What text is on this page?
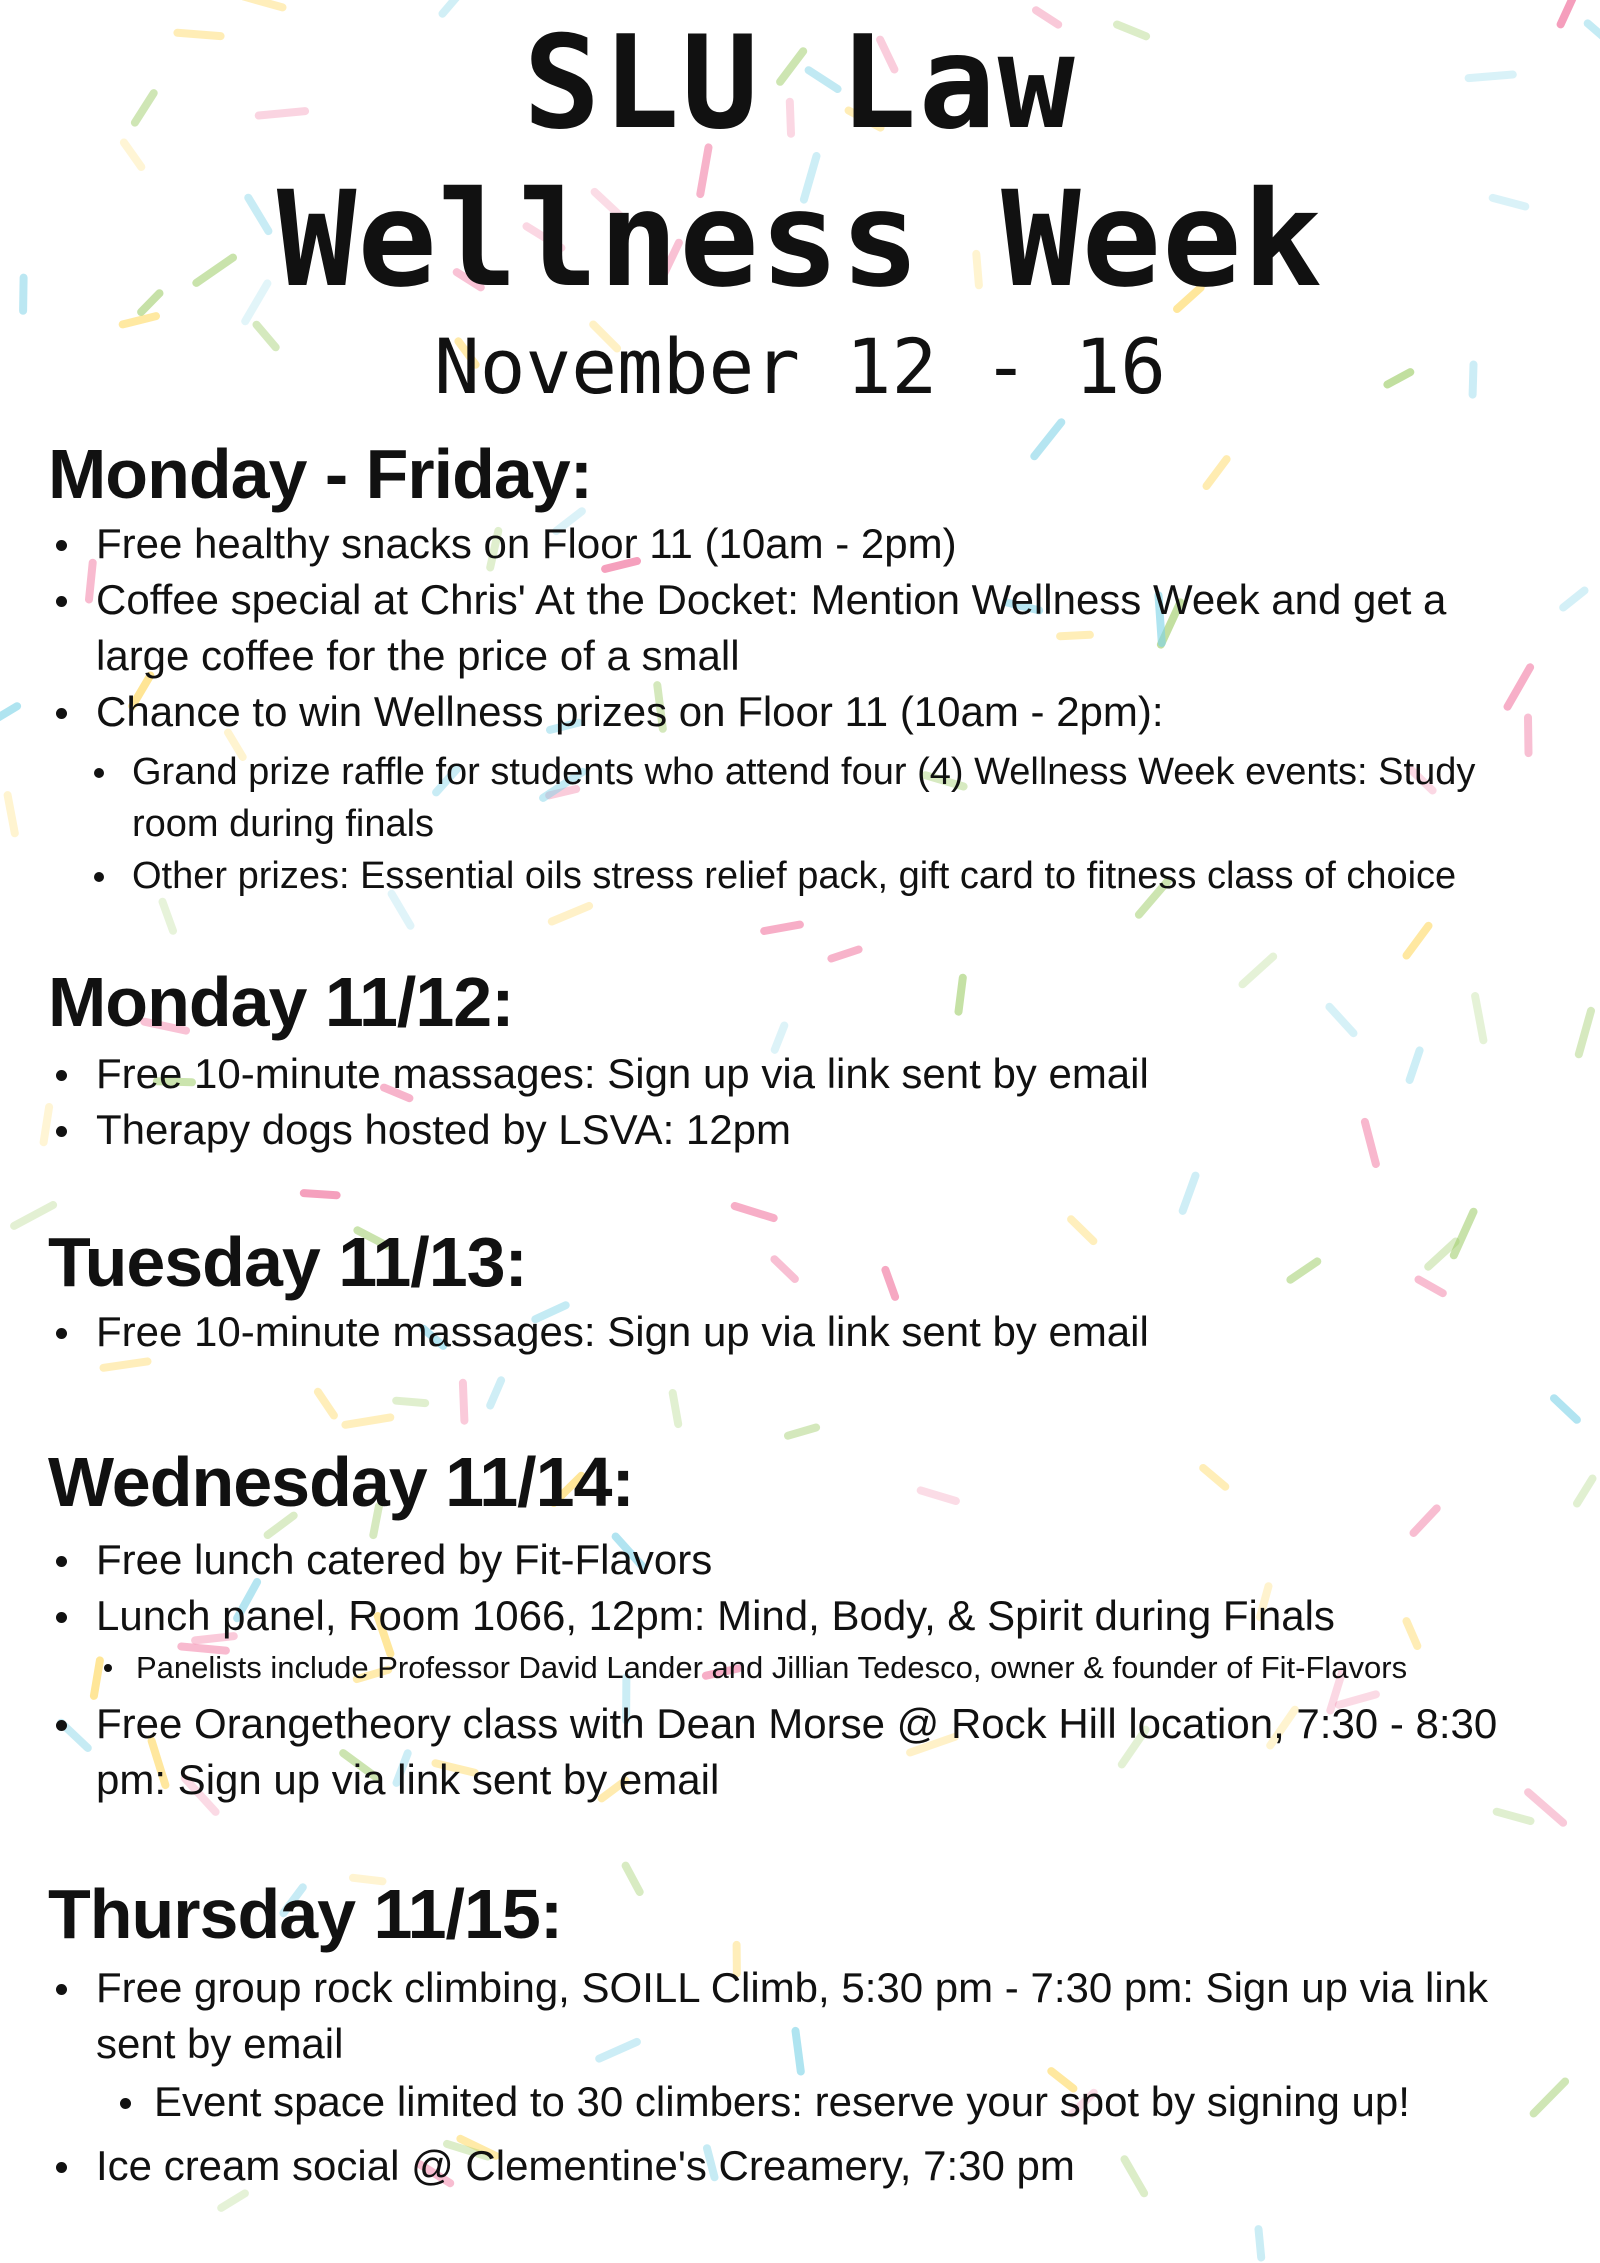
SLU Law
Wellness Week
November 12 - 16
Monday - Friday:
Free healthy snacks on Floor 11 (10am - 2pm)
Coffee special at Chris' At the Docket: Mention Wellness Week and get a large coffee for the price of a small
Chance to win Wellness prizes on Floor 11 (10am - 2pm):
Grand prize raffle for students who attend four (4) Wellness Week events: Study room during finals
Other prizes: Essential oils stress relief pack, gift card to fitness class of choice
Monday 11/12:
Free 10-minute massages: Sign up via link sent by email
Therapy dogs hosted by LSVA: 12pm
Tuesday 11/13:
Free 10-minute massages: Sign up via link sent by email
Wednesday 11/14:
Free lunch catered by Fit-Flavors
Lunch panel, Room 1066, 12pm: Mind, Body, & Spirit during Finals
Panelists include Professor David Lander and Jillian Tedesco, owner & founder of Fit-Flavors
Free Orangetheory class with Dean Morse @ Rock Hill location, 7:30 - 8:30 pm: Sign up via link sent by email
Thursday 11/15:
Free group rock climbing, SOILL Climb, 5:30 pm - 7:30 pm: Sign up via link sent by email
Event space limited to 30 climbers: reserve your spot by signing up!
Ice cream social @ Clementine's Creamery, 7:30 pm
